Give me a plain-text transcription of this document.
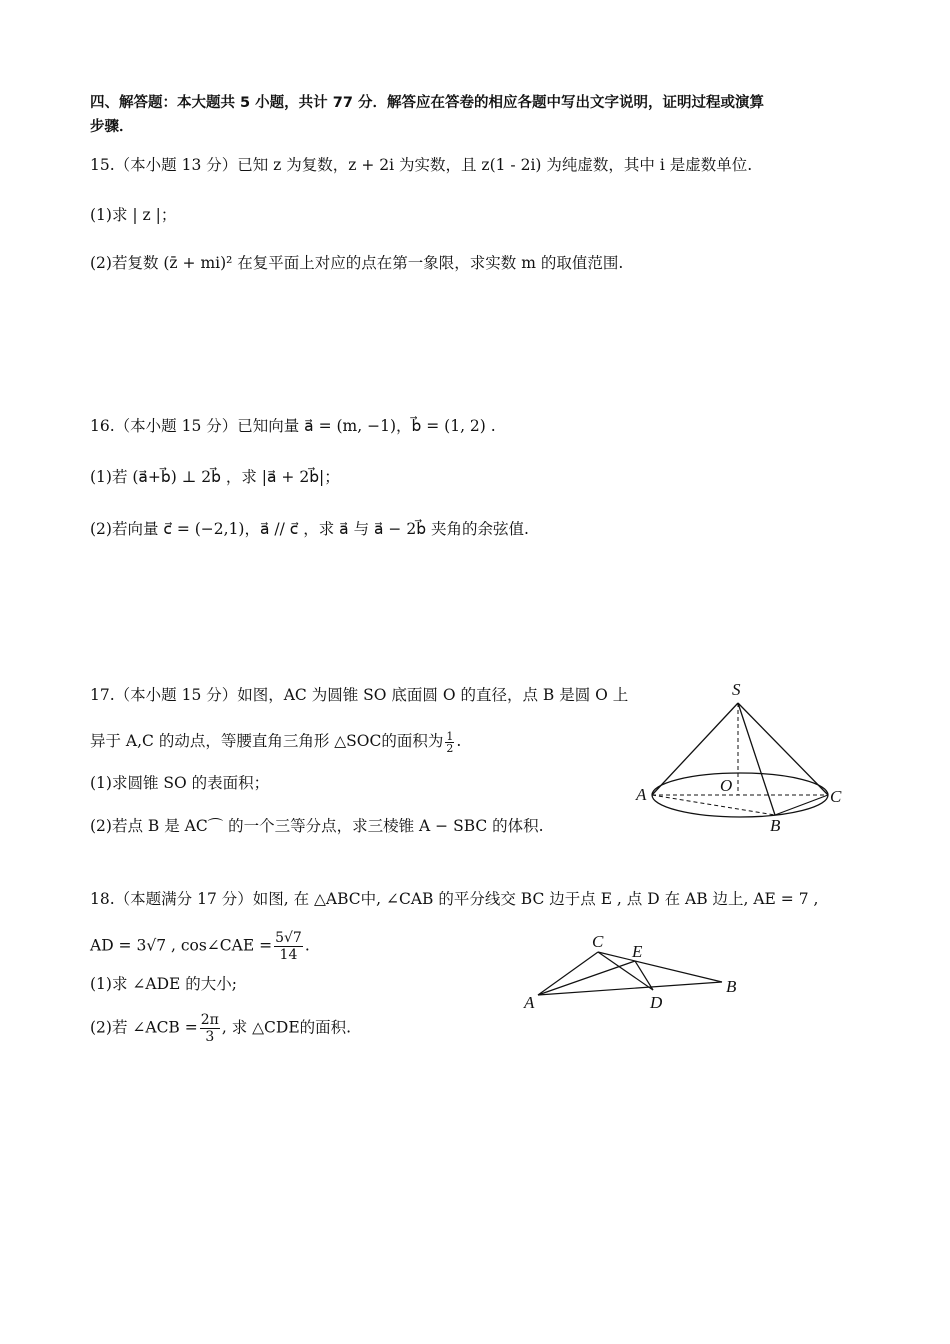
四、解答题：本大题共 5 小题，共计 77 分．解答应在答卷的相应各题中写出文字说明，证明过程或演算
步骤．
15.（本小题 13 分）已知 z 为复数，z + 2i 为实数，且 z(1 - 2i) 为纯虚数，其中 i 是虚数单位.
(1)求 | z |；
(2)若复数 (z̄ + mi)² 在复平面上对应的点在第一象限，求实数 m 的取值范围.
16.（本小题 15 分）已知向量 a⃗ = (m, −1)，b⃗ = (1, 2) .
(1)若 (a⃗+b⃗) ⊥ 2b⃗ ，求 |a⃗ + 2b⃗|；
(2)若向量 c⃗ = (−2,1)，a⃗ // c⃗ ，求 a⃗ 与 a⃗ − 2b⃗ 夹角的余弦值.
17.（本小题 15 分）如图，AC 为圆锥 SO 底面圆 O 的直径，点 B 是圆 O 上
异于 A,C 的动点，等腰直角三角形 △SOC的面积为 $\frac{1}{2}$ .
(1)求圆锥 SO 的表面积；
(2)若点 B 是 AC⌒ 的一个三等分点，求三棱锥 A − SBC 的体积.
S
O
A	C
B
18.（本题满分 17 分）如图, 在 △ABC中, ∠CAB 的平分线交 BC 边于点 E , 点 D 在 AB 边上, AE = 7 ,
AD = 3√7 , cos∠CAE = $\frac{5√7}{14}$ .
(1)求 ∠ADE 的大小;
(2)若 ∠ACB = $\frac{2\pi}{3}$ , 求 △CDE的面积.
C
E
A	D
B
